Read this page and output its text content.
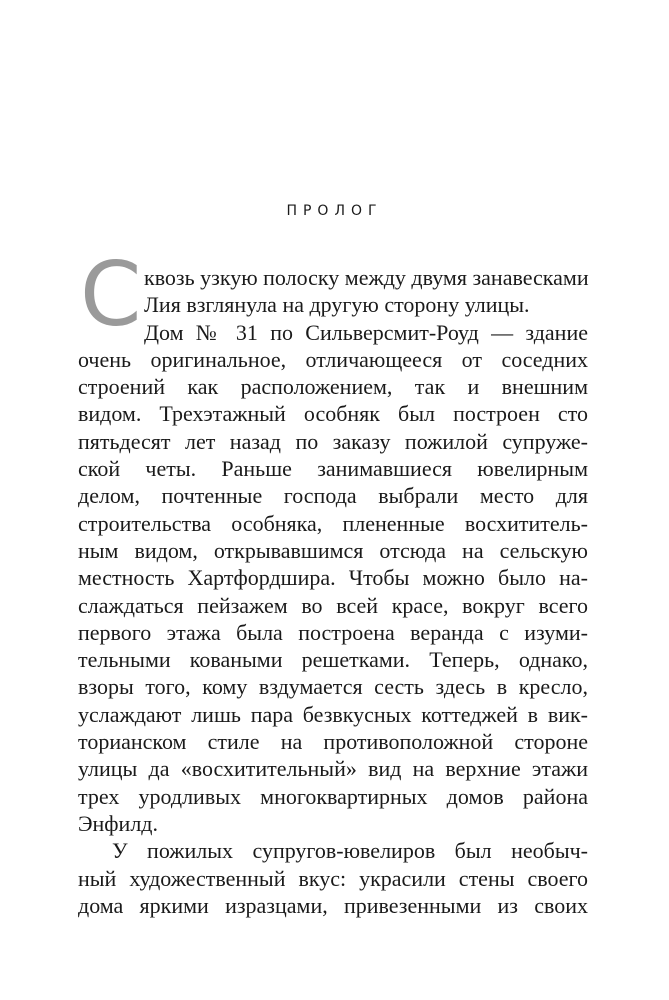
ПРОЛОГ
С квозь узкую полоску между двумя занавесками
Лия взглянула на другую сторону улицы.
Дом № 31 по Сильверсмит-Роуд — здание
очень оригинальное, отличающееся от соседних
строений как расположением, так и внешним
видом. Трехэтажный особняк был построен сто
пятьдесят лет назад по заказу пожилой супруже-
ской четы. Раньше занимавшиеся ювелирным
делом, почтенные господа выбрали место для
строительства особняка, плененные восхититель-
ным видом, открывавшимся отсюда на сельскую
местность Хартфордшира. Чтобы можно было на-
слаждаться пейзажем во всей красе, вокруг всего
первого этажа была построена веранда с изуми-
тельными коваными решетками. Теперь, однако,
взоры того, кому вздумается сесть здесь в кресло,
услаждают лишь пара безвкусных коттеджей в вик-
торианском стиле на противоположной стороне
улицы да «восхитительный» вид на верхние этажи
трех уродливых многоквартирных домов района
Энфилд.
У пожилых супругов-ювелиров был необыч-
ный художественный вкус: украсили стены своего
дома яркими изразцами, привезенными из своих
